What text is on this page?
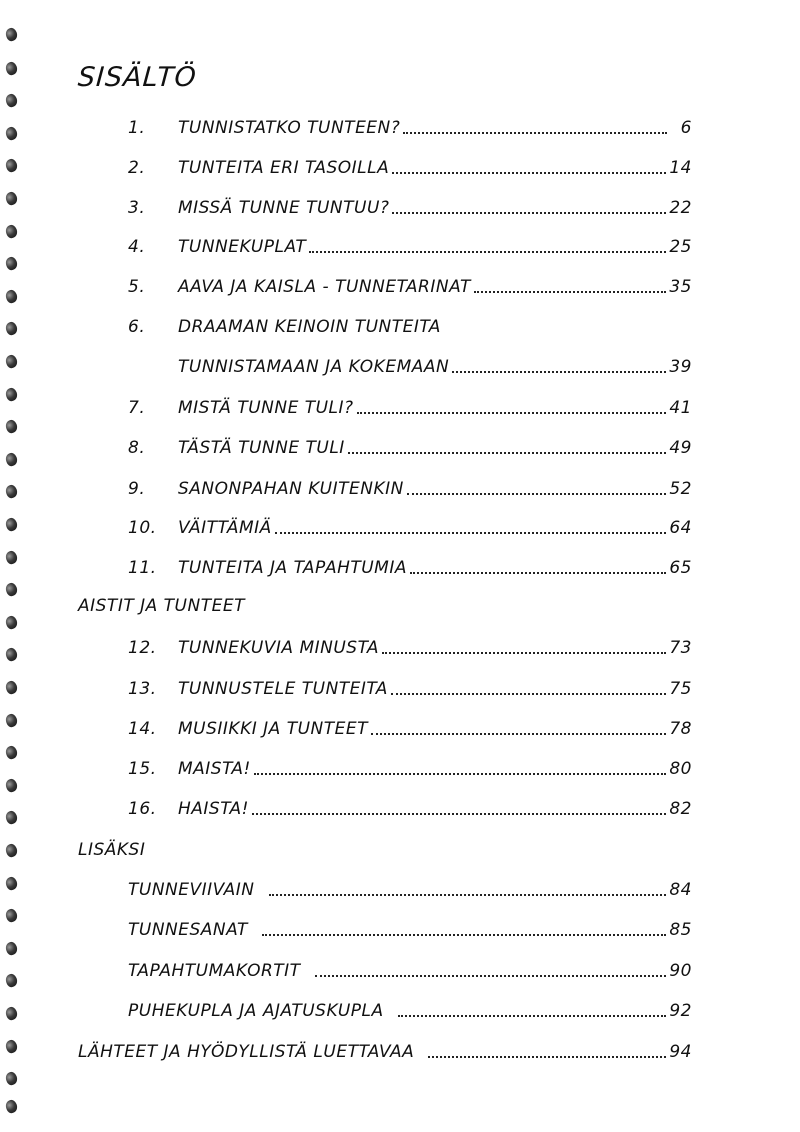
SISÄLTÖ
1.	TUNNISTATKO TUNTEEN?	6
2.	TUNTEITA ERI TASOILLA	14
3.	MISSÄ TUNNE TUNTUU?	22
4.	TUNNEKUPLAT	25
5.	AAVA JA KAISLA - TUNNETARINAT	35
6.	DRAAMAN KEINOIN TUNTEITA
TUNNISTAMAAN JA KOKEMAAN	39
7.	MISTÄ TUNNE TULI?	41
8.	TÄSTÄ TUNNE TULI	49
9.	SANONPAHAN KUITENKIN	52
10.	VÄITTÄMIÄ	64
11.	TUNTEITA JA TAPAHTUMIA	65
AISTIT JA TUNTEET
12.	TUNNEKUVIA MINUSTA	73
13.	TUNNUSTELE TUNTEITA	75
14.	MUSIIKKI JA TUNTEET	78
15.	MAISTA!	80
16.	HAISTA!	82
LISÄKSI
TUNNEVIIVAIN	84
TUNNESANAT	85
TAPAHTUMAKORTIT	90
PUHEKUPLA JA AJATUSKUPLA	92
LÄHTEET JA HYÖDYLLISTÄ LUETTAVAA	94
